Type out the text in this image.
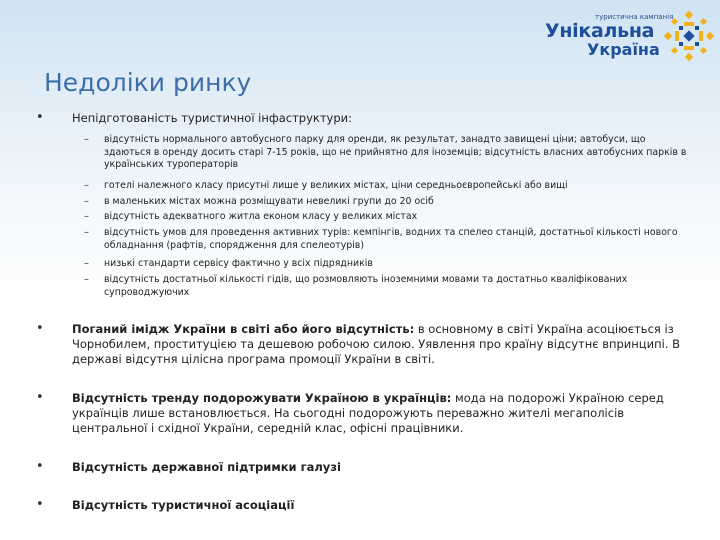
туристична кампанія
Унікальна
Україна
Недоліки ринку
• Непідготованість туристичної інфаструктури:
– відсутність нормального автобусного парку для оренди, як результат, занадто завищені ціни; автобуси, що здаються в оренду досить старі 7-15 років, що не прийнятно для іноземців; відсутність власних автобусних парків в українських туроператорів
– готелі належного класу присутні лише у великих містах, ціни середньоєвропейські або вищі
– в маленьких містах можна розміщувати невеликі групи до 20 осіб
– відсутність адекватного житла економ класу у великих містах
– відсутність умов для проведення активних турів: кемпінгів, водних та спелео станцій, достатньої кількості нового обладнання (рафтів, спорядження для спелеотурів)
– низькі стандарти сервісу фактично у всіх підрядників
– відсутність достатньої кількості гідів, що розмовляють іноземними мовами та достатньо кваліфікованих супроводжуючих
• Поганий імідж України в світі або його відсутність: в основному в світі Україна асоціюється із Чорнобилем, проституцією та дешевою робочою силою. Уявлення про країну відсутнє впринципі. В державі відсутня цілісна програма промоції України в світі.
• Відсутність тренду подорожувати Україною в українців: мода на подорожі Україною серед українців лише встановлюється. На сьогодні подорожують переважно жителі мегаполісів центральної і східної України, середній клас, офісні працівники.
• Відсутність державної підтримки галузі
• Відсутність туристичної асоціації
